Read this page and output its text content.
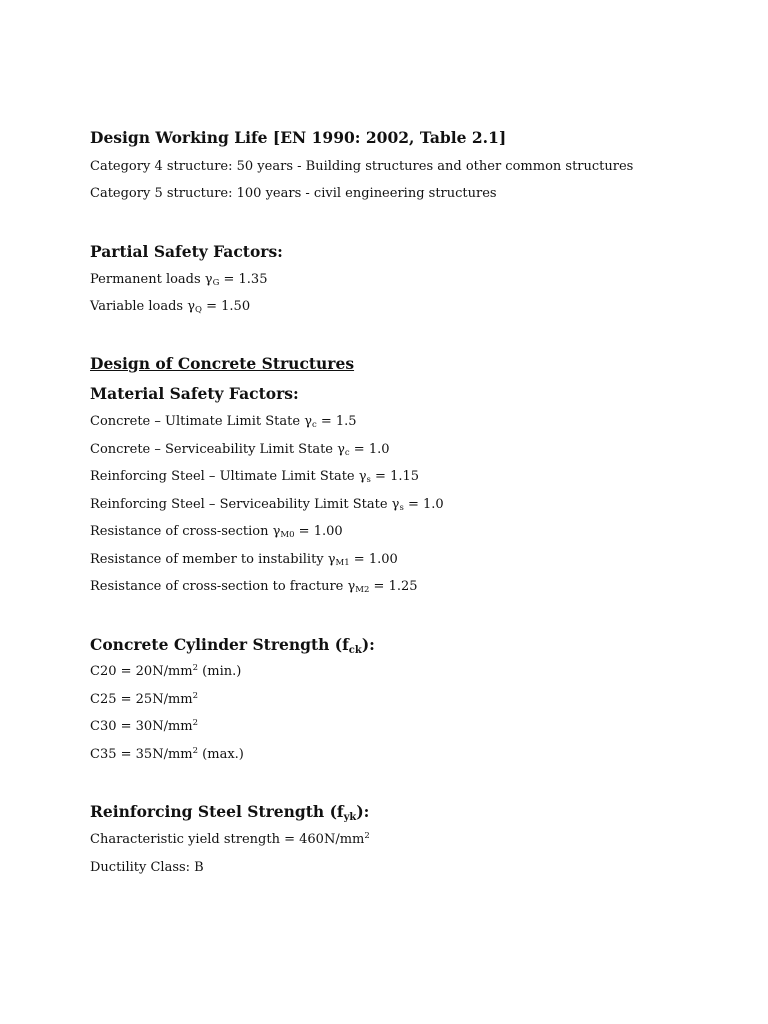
Design Working Life [EN 1990: 2002, Table 2.1]
Category 4 structure: 50 years - Building structures and other common structures
Category 5 structure: 100 years - civil engineering structures
Partial Safety Factors:
Permanent loads $\gamma_G = 1.35$
Variable loads $\gamma_Q = 1.50$
Design of Concrete Structures
Material Safety Factors:
Concrete – Ultimate Limit State $\gamma_c = 1.5$
Concrete – Serviceability Limit State $\gamma_c = 1.0$
Reinforcing Steel – Ultimate Limit State $\gamma_s = 1.15$
Reinforcing Steel – Serviceability Limit State $\gamma_s = 1.0$
Resistance of cross-section $\gamma_{M0} = 1.00$
Resistance of member to instability $\gamma_{M1} = 1.00$
Resistance of cross-section to fracture $\gamma_{M2} = 1.25$
Concrete Cylinder Strength (fck):
$C20 = 20N/mm^2$ (min.)
$C25 = 25N/mm^2$
$C30 = 30N/mm^2$
$C35 = 35N/mm^2$ (max.)
Reinforcing Steel Strength (fyk):
Characteristic yield strength = $460N/mm^2$
Ductility Class: B
